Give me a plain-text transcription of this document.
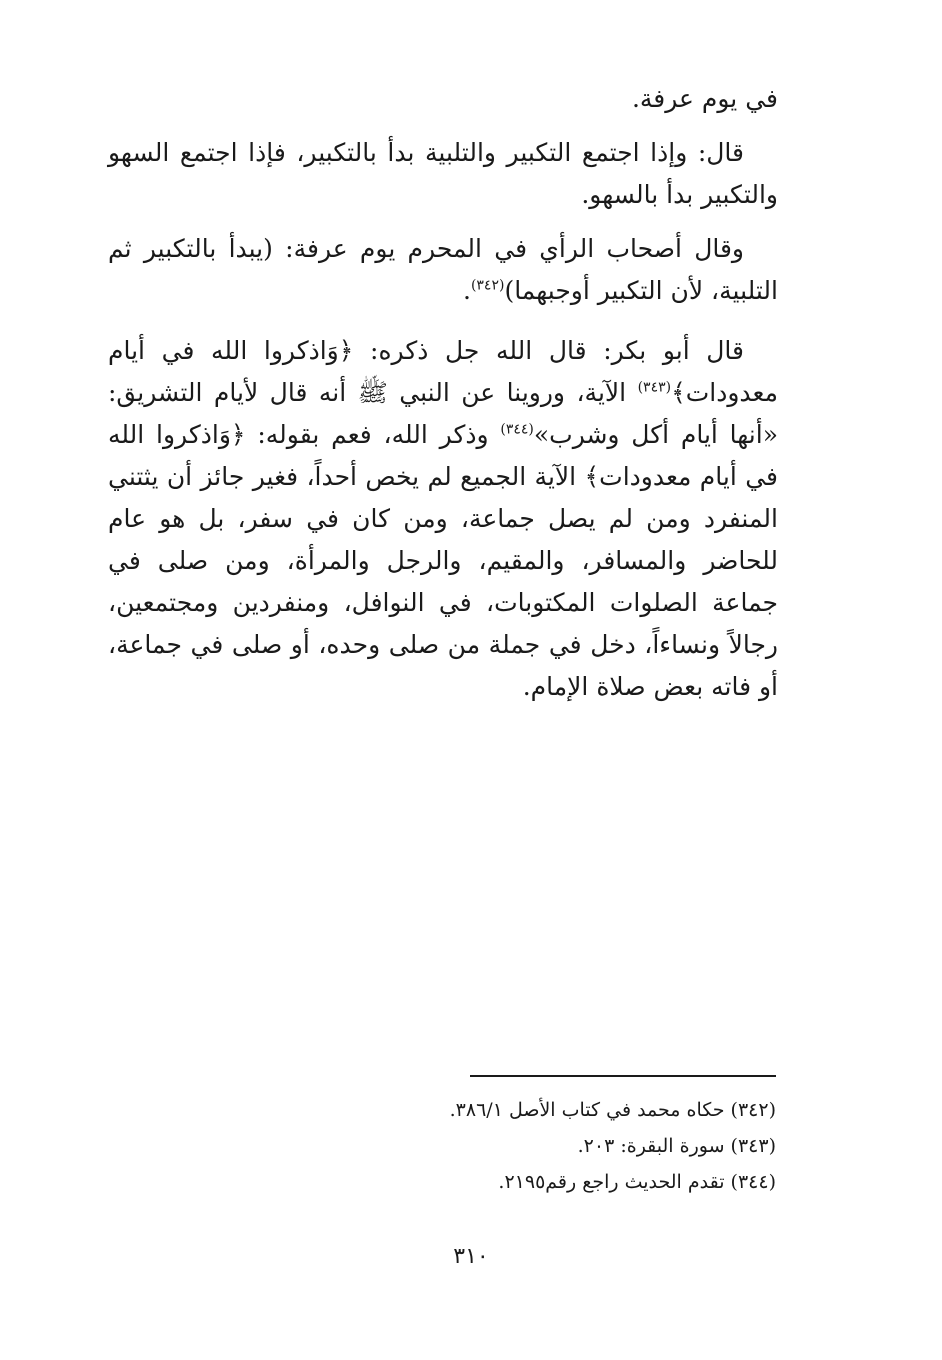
في يوم عرفة.

قال: وإذا اجتمع التكبير والتلبية بدأ بالتكبير، فإذا اجتمع السهو والتكبير بدأ بالسهو.

وقال أصحاب الرأي في المحرم يوم عرفة: (يبدأ بالتكبير ثم التلبية، لأن التكبير أوجبهما)$^{(٣٤٢)}$.

قال أبو بكر: قال الله جل ذكره: ﴿وَاذكروا الله في أيام معدودات﴾$^{(٣٤٣)}$ الآية، وروينا عن النبي ﷺ أنه قال لأيام التشريق: «أنها أيام أكل وشرب»$^{(٣٤٤)}$ وذكر الله، فعم بقوله: ﴿وَاذكروا الله في أيام معدودات﴾ الآية الجميع لم يخص أحداً، فغير جائز أن يثتني المنفرد ومن لم يصل جماعة، ومن كان في سفر، بل هو عام للحاضر والمسافر، والمقيم، والرجل والمرأة، ومن صلى في جماعة الصلوات المكتوبات، في النوافل، ومنفردين ومجتمعين، رجالاً ونساءاً، دخل في جملة من صلى وحده، أو صلى في جماعة، أو فاته بعض صلاة الإمام.

(٣٤٢) حكاه محمد في كتاب الأصل ٣٨٦/١.

(٣٤٣) سورة البقرة: ٢٠٣.

(٣٤٤) تقدم الحديث راجع رقم٢١٩٥.

٣١٠
